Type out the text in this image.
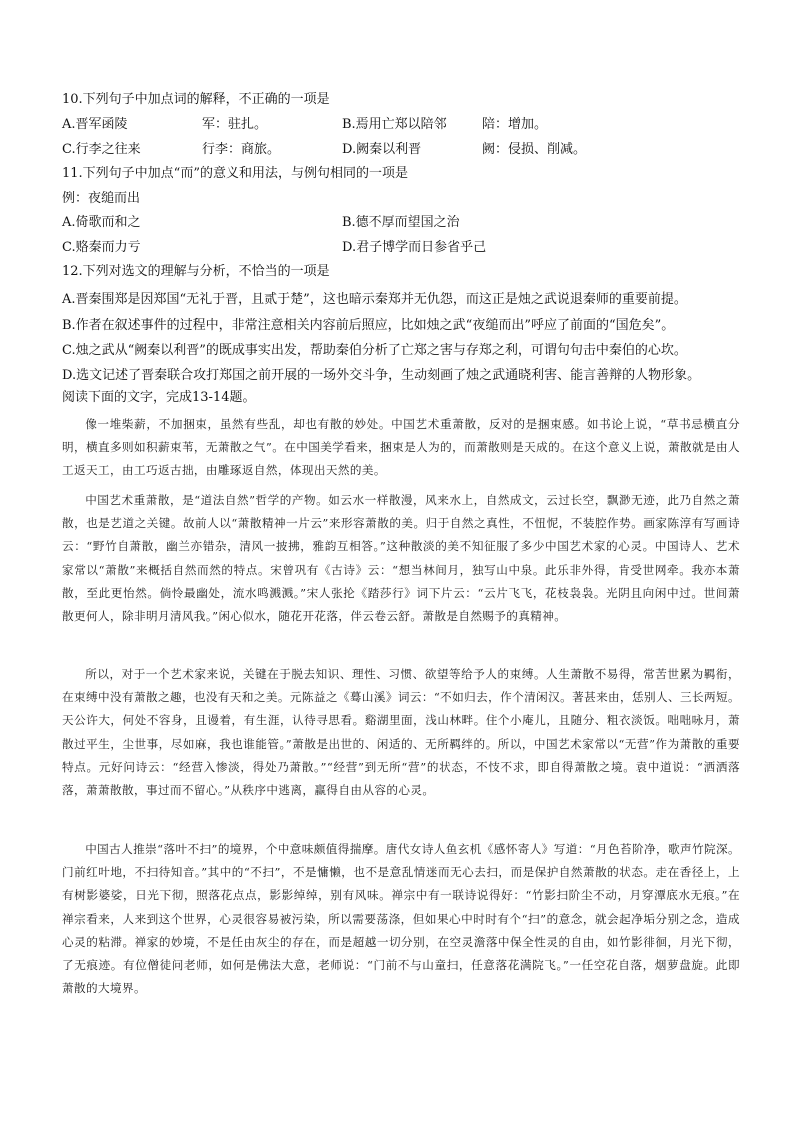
10.下列句子中加点词的解释，不正确的一项是
A.晋军函陵	军：驻扎。	B.焉用亡郑以陪邻	陪：增加。
C.行李之往来	行李：商旅。	D.阙秦以利晋	阙：侵损、削减。
11.下列句子中加点“而”的意义和用法，与例句相同的一项是
例：夜缒而出
A.倚歌而和之	B.德不厚而望国之治
C.赂秦而力亏	D.君子博学而日参省乎己
12.下列对选文的理解与分析，不恰当的一项是
A.晋秦围郑是因郑国“无礼于晋，且贰于楚”，这也暗示秦郑并无仇怨，而这正是烛之武说退秦师的重要前提。
B.作者在叙述事件的过程中，非常注意相关内容前后照应，比如烛之武“夜缒而出”呼应了前面的“国危矣”。
C.烛之武从“阙秦以利晋”的既成事实出发，帮助秦伯分析了亡郑之害与存郑之利，可谓句句击中秦伯的心坎。
D.选文记述了晋秦联合攻打郑国之前开展的一场外交斗争，生动刻画了烛之武通晓利害、能言善辩的人物形象。
阅读下面的文字，完成13-14题。
像一堆柴薪，不加捆束，虽然有些乱，却也有散的妙处。中国艺术重萧散，反对的是捆束感。如书论上说，“草书忌横直分明，横直多则如积薪束苇，无萧散之气”。在中国美学看来，捆束是人为的，而萧散则是天成的。在这个意义上说，萧散就是由人工返天工，由工巧返古拙，由雕琢返自然，体现出天然的美。
中国艺术重萧散，是“道法自然”哲学的产物。如云水一样散漫，风来水上，自然成文，云过长空，飘渺无迹，此乃自然之萧散，也是艺道之关键。故前人以“萧散精神一片云”来形容萧散的美。归于自然之真性，不忸怩，不装腔作势。画家陈淳有写画诗云：“野竹自萧散，幽兰亦错杂，清风一披拂，雅韵互相答。”这种散淡的美不知征服了多少中国艺术家的心灵。中国诗人、艺术家常以“萧散”来概括自然而然的特点。宋曾巩有《古诗》云：“想当林间月，独写山中泉。此乐非外得，肯受世网牵。我亦本萧散，至此更怡然。倘怜最幽处，流水鸣溅溅。”宋人张抡《踏莎行》词下片云：“云片飞飞，花枝袅袅。光阴且向闲中过。世间萧散更何人，除非明月清风我。”闲心似水，随花开花落，伴云卷云舒。萧散是自然赐予的真精神。
所以，对于一个艺术家来说，关键在于脱去知识、理性、习惯、欲望等给予人的束缚。人生萧散不易得，常苦世累为羁衔，在束缚中没有萧散之趣，也没有天和之美。元陈益之《蓦山溪》词云：“不如归去，作个清闲汉。著甚来由，恁别人、三长两短。天公许大，何处不容身，且谩着，有生涯，认待寻思看。谿湖里面，浅山林畔。住个小庵儿，且随分、粗衣淡饭。咄咄咏月，萧散过平生，尘世事，尽如麻，我也谁能管。”萧散是出世的、闲适的、无所羁绊的。所以，中国艺术家常以“无营”作为萧散的重要特点。元好问诗云：“经营入惨淡，得处乃萧散。”“经营”到无所“营”的状态，不忮不求，即自得萧散之境。袁中道说：“洒洒落落，萧萧散散，事过而不留心。”从秩序中逃离，赢得自由从容的心灵。
中国古人推崇“落叶不扫”的境界，个中意味颇值得揣摩。唐代女诗人鱼玄机《感怀寄人》写道：“月色苔阶净，歌声竹院深。门前红叶地，不扫待知音。”其中的“不扫”，不是慵懒，也不是意乱情迷而无心去扫，而是保护自然萧散的状态。走在香径上，上有树影婆娑，日光下彻，照落花点点，影影绰绰，别有风味。禅宗中有一联诗说得好：“竹影扫阶尘不动，月穿潭底水无痕。”在禅宗看来，人来到这个世界，心灵很容易被污染，所以需要荡涤，但如果心中时时有个“扫”的意念，就会起净垢分别之念，造成心灵的粘滞。禅家的妙境，不是任由灰尘的存在，而是超越一切分别，在空灵澹落中保全性灵的自由，如竹影徘徊，月光下彻，了无痕迹。有位僧徒问老师，如何是佛法大意，老师说：“门前不与山童扫，任意落花满院飞。”一任空花自落，烟萝盘旋。此即萧散的大境界。
